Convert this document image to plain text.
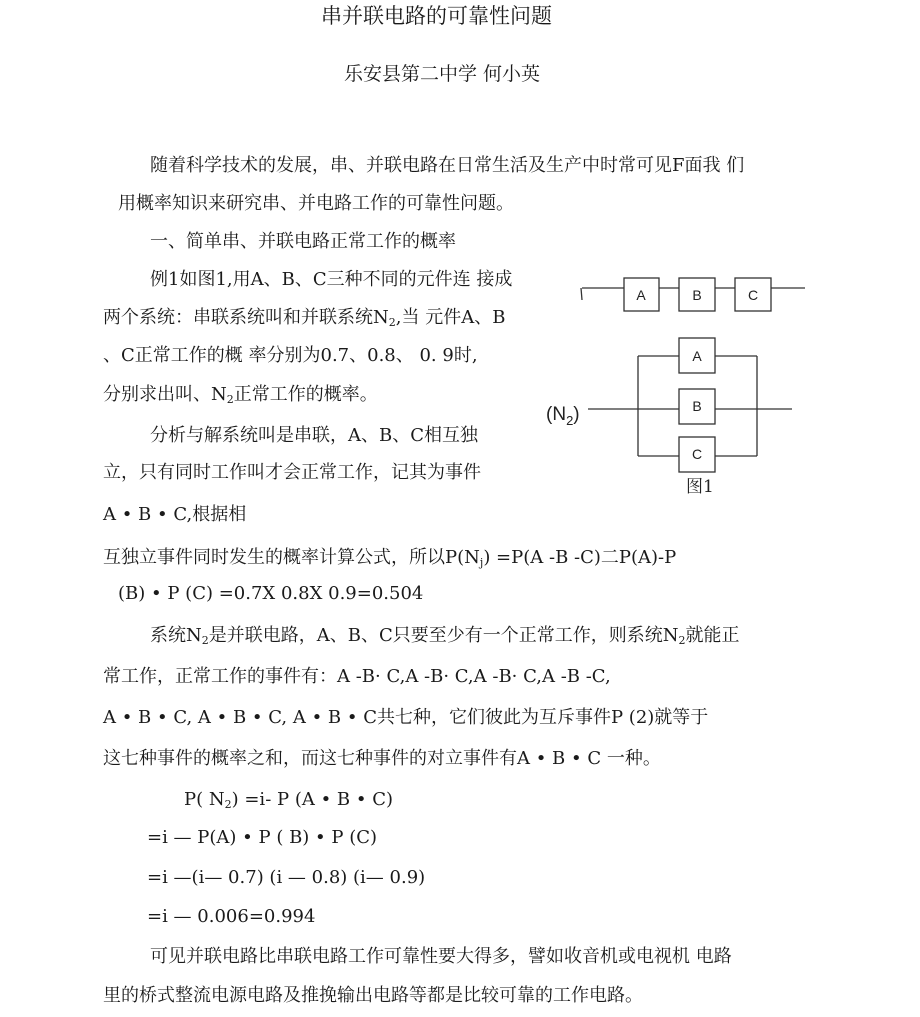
串并联电路的可靠性问题
乐安县第二中学 何小英
随着科学技术的发展，串、并联电路在日常生活及生产中时常可见F面我 们
用概率知识来研究串、并电路工作的可靠性问题。
一、简单串、并联电路正常工作的概率
例1如图1,用A、B、C三种不同的元件连 接成
两个系统：串联系统叫和并联系统$N_2$,当 元件A、B
、C正常工作的概 率分别为0.7、0.8、 0. 9时,
分别求出叫、$N_2$正常工作的概率。
分析与解系统叫是串联，A、B、C相互独
立，只有同时工作叫才会正常工作，记其为事件
A • B • C,根据相
互独立事件同时发生的概率计算公式，所以$P(N_j) =P(A$ -B -C)二P(A)-P
(B) • P (C) =0.7X 0.8X 0.9=0.504
系统$N_2$是并联电路，A、B、C只要至少有一个正常工作，则系统$N_2$就能正
常工作，正常工作的事件有：A -B· C,A -B· C,A -B· C,A -B -C,
A • B • C, A • B • C, A • B • C共七种，它们彼此为互斥事件P (2)就等于
这七种事件的概率之和，而这七种事件的对立事件有A • B • C 一种。
P( $N_2) =i-$ P (A • B • C)
=i — P(A) • P ( B) • P (C)
=i —(i— 0.7) (i — 0.8) (i— 0.9)
=i — 0.006=0.994
可见并联电路比串联电路工作可靠性要大得多，譬如收音机或电视机 电路
里的桥式整流电源电路及推挽输出电路等都是比较可靠的工作电路。
A	B	C
A
B
C
$(N_2)$
图1
